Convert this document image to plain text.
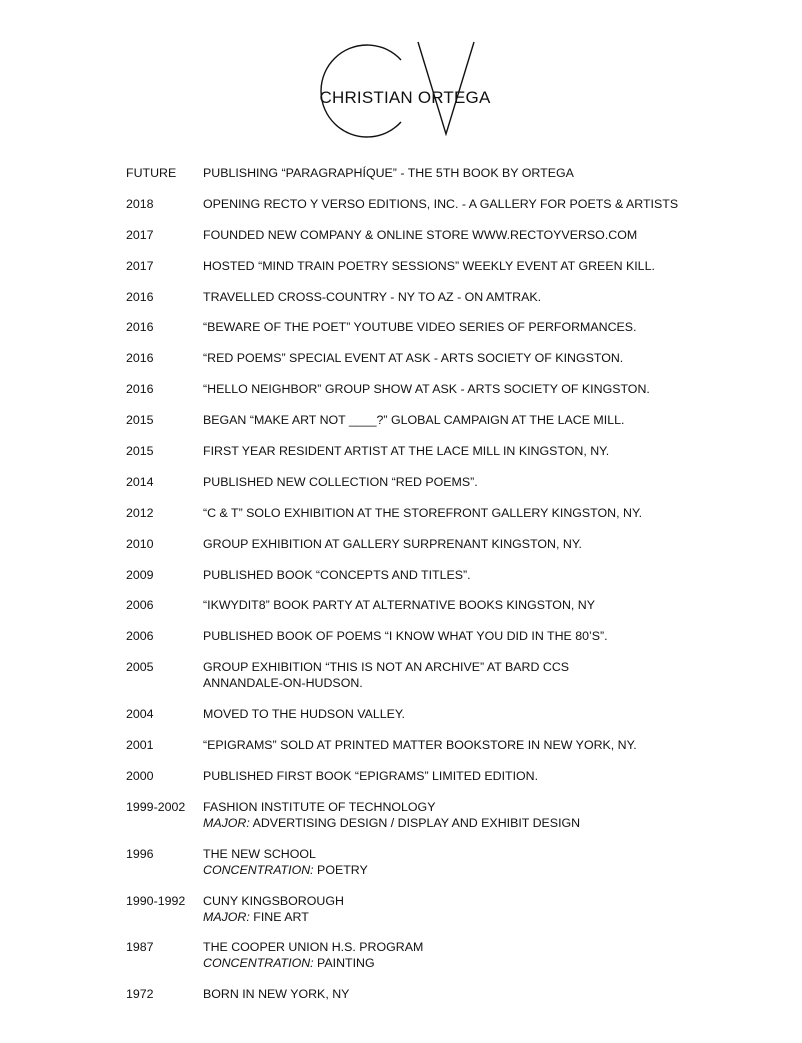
CHRISTIAN ORTEGA
FUTURE	PUBLISHING “PARAGRAPHÍQUE” - THE 5TH BOOK BY ORTEGA
2018	OPENING RECTO Y VERSO EDITIONS, INC. - A GALLERY FOR POETS & ARTISTS
2017	FOUNDED NEW COMPANY & ONLINE STORE WWW.RECTOYVERSO.COM
2017	HOSTED “MIND TRAIN POETRY SESSIONS” WEEKLY EVENT AT GREEN KILL.
2016	TRAVELLED CROSS-COUNTRY - NY TO AZ - ON AMTRAK.
2016	“BEWARE OF THE POET” YOUTUBE VIDEO SERIES OF PERFORMANCES.
2016	“RED POEMS” SPECIAL EVENT AT ASK - ARTS SOCIETY OF KINGSTON.
2016	“HELLO NEIGHBOR” GROUP SHOW AT ASK - ARTS SOCIETY OF KINGSTON.
2015	BEGAN “MAKE ART NOT ____?” GLOBAL CAMPAIGN AT THE LACE MILL.
2015	FIRST YEAR RESIDENT ARTIST AT THE LACE MILL IN KINGSTON, NY.
2014	PUBLISHED NEW COLLECTION “RED POEMS”.
2012	“C & T” SOLO EXHIBITION AT THE STOREFRONT GALLERY KINGSTON, NY.
2010	GROUP EXHIBITION AT GALLERY SURPRENANT KINGSTON, NY.
2009	PUBLISHED BOOK “CONCEPTS AND TITLES”.
2006	“IKWYDIT8” BOOK PARTY AT ALTERNATIVE BOOKS KINGSTON, NY
2006	PUBLISHED BOOK OF POEMS “I KNOW WHAT YOU DID IN THE 80’S”.
2005	GROUP EXHIBITION “THIS IS NOT AN ARCHIVE” AT BARD CCS
ANNANDALE-ON-HUDSON.
2004	MOVED TO THE HUDSON VALLEY.
2001	“EPIGRAMS” SOLD AT PRINTED MATTER BOOKSTORE IN NEW YORK, NY.
2000	PUBLISHED FIRST BOOK “EPIGRAMS” LIMITED EDITION.
1999-2002	FASHION INSTITUTE OF TECHNOLOGY
MAJOR: ADVERTISING DESIGN / DISPLAY AND EXHIBIT DESIGN
1996	THE NEW SCHOOL
CONCENTRATION: POETRY
1990-1992	CUNY KINGSBOROUGH
MAJOR: FINE ART
1987	THE COOPER UNION H.S. PROGRAM
CONCENTRATION: PAINTING
1972	BORN IN NEW YORK, NY
